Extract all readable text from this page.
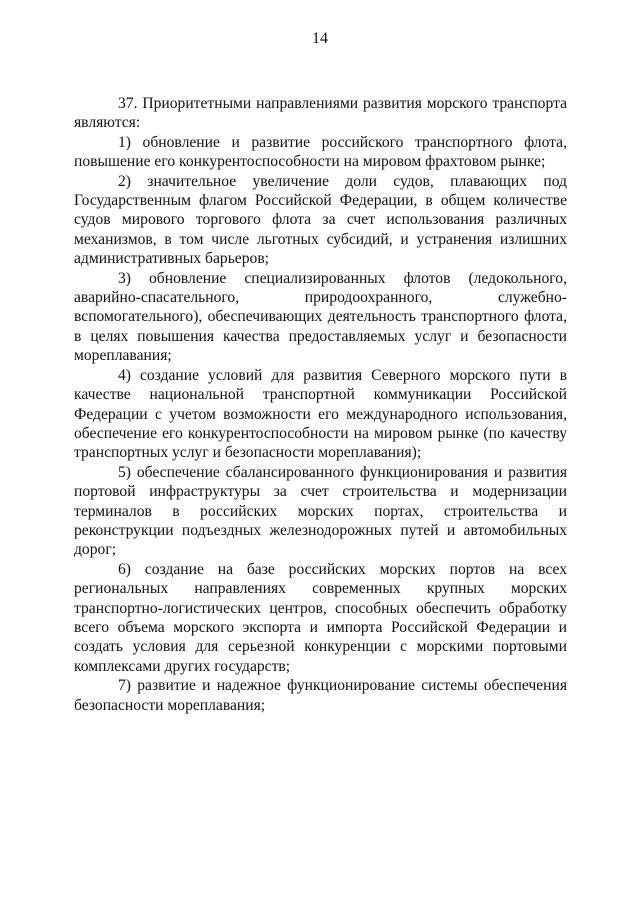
14

37. Приоритетными направлениями развития морского транспорта являются:

1) обновление и развитие российского транспортного флота, повышение его конкурентоспособности на мировом фрахтовом рынке;

2) значительное увеличение доли судов, плавающих под Государственным флагом Российской Федерации, в общем количестве судов мирового торгового флота за счет использования различных механизмов, в том числе льготных субсидий, и устранения излишних административных барьеров;

3) обновление специализированных флотов (ледокольного, аварийно-спасательного, природоохранного, служебно-вспомогательного), обеспечивающих деятельность транспортного флота, в целях повышения качества предоставляемых услуг и безопасности мореплавания;

4) создание условий для развития Северного морского пути в качестве национальной транспортной коммуникации Российской Федерации с учетом возможности его международного использования, обеспечение его конкурентоспособности на мировом рынке (по качеству транспортных услуг и безопасности мореплавания);

5) обеспечение сбалансированного функционирования и развития портовой инфраструктуры за счет строительства и модернизации терминалов в российских морских портах, строительства и реконструкции подъездных железнодорожных путей и автомобильных дорог;

6) создание на базе российских морских портов на всех региональных направлениях современных крупных морских транспортно-логистических центров, способных обеспечить обработку всего объема морского экспорта и импорта Российской Федерации и создать условия для серьезной конкуренции с морскими портовыми комплексами других государств;

7) развитие и надежное функционирование системы обеспечения безопасности мореплавания;
